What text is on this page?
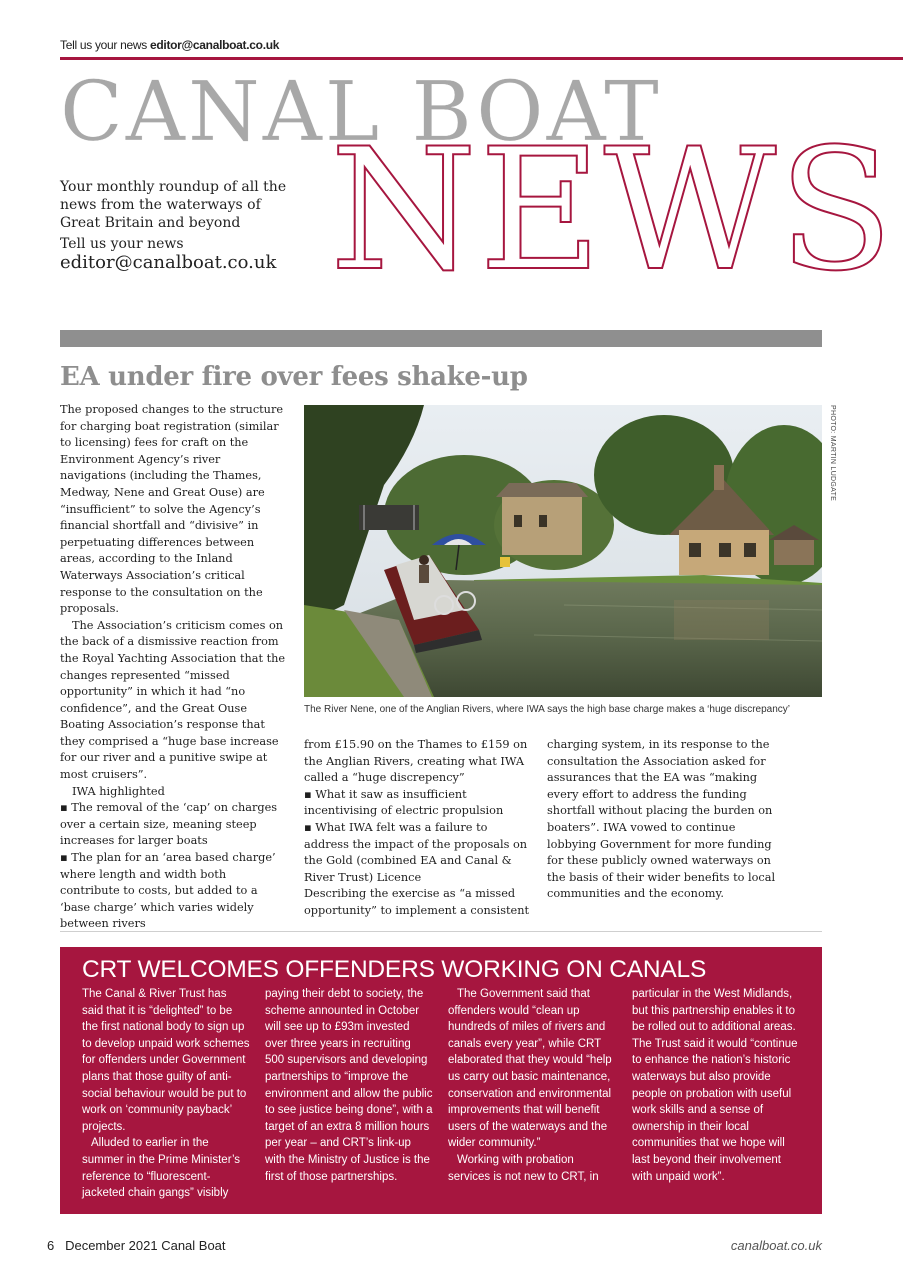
Tell us your news editor@canalboat.co.uk
CANAL BOAT
NEWS
Your monthly roundup of all the news from the waterways of Great Britain and beyond
Tell us your news
editor@canalboat.co.uk
EA under fire over fees shake-up

The proposed changes to the structure for charging boat registration (similar to licensing) fees for craft on the Environment Agency’s river navigations (including the Thames, Medway, Nene and Great Ouse) are “insufficient” to solve the Agency’s financial shortfall and “divisive” in perpetuating differences between areas, according to the Inland Waterways Association’s critical response to the consultation on the proposals.

The Association’s criticism comes on the back of a dismissive reaction from the Royal Yachting Association that the changes represented “missed opportunity” in which it had “no confidence”, and the Great Ouse Boating Association’s response that they comprised a “huge base increase for our river and a punitive swipe at most cruisers”.

IWA highlighted

▪ The removal of the ‘cap’ on charges over a certain size, meaning steep increases for larger boats

▪ The plan for an ‘area based charge’ where length and width both contribute to costs, but added to a ‘base charge’ which varies widely between rivers

PHOTO: MARTIN LUDGATE
The River Nene, one of the Anglian Rivers, where IWA says the high base charge makes a ‘huge discrepancy’

from £15.90 on the Thames to £159 on the Anglian Rivers, creating what IWA called a “huge discrepency”

▪ What it saw as insufficient incentivising of electric propulsion

▪ What IWA felt was a failure to address the impact of the proposals on the Gold (combined EA and Canal & River Trust) Licence

Describing the exercise as “a missed opportunity” to implement a consistent

charging system, in its response to the consultation the Association asked for assurances that the EA was “making every effort to address the funding shortfall without placing the burden on boaters”. IWA vowed to continue lobbying Government for more funding for these publicly owned waterways on the basis of their wider benefits to local communities and the economy.

CRT WELCOMES OFFENDERS WORKING ON CANALS

The Canal & River Trust has said that it is “delighted” to be the first national body to sign up to develop unpaid work schemes for offenders under Government plans that those guilty of anti-social behaviour would be put to work on ‘community payback’ projects.

Alluded to earlier in the summer in the Prime Minister’s reference to “fluorescent-jacketed chain gangs” visibly

paying their debt to society, the scheme announted in October will see up to £93m invested over three years in recruiting 500 supervisors and developing partnerships to “improve the environment and allow the public to see justice being done”, with a target of an extra 8 million hours per year – and CRT’s link-up with the Ministry of Justice is the first of those partnerships.

The Government said that offenders would “clean up hundreds of miles of rivers and canals every year”, while CRT elaborated that they would “help us carry out basic maintenance, conservation and environmental improvements that will benefit users of the waterways and the wider community.”

Working with probation services is not new to CRT, in

particular in the West Midlands, but this partnership enables it to be rolled out to additional areas. The Trust said it would “continue to enhance the nation’s historic waterways but also provide people on probation with useful work skills and a sense of ownership in their local communities that we hope will last beyond their involvement with unpaid work”.

6 December 2021 Canal Boat	canalboat.co.uk
